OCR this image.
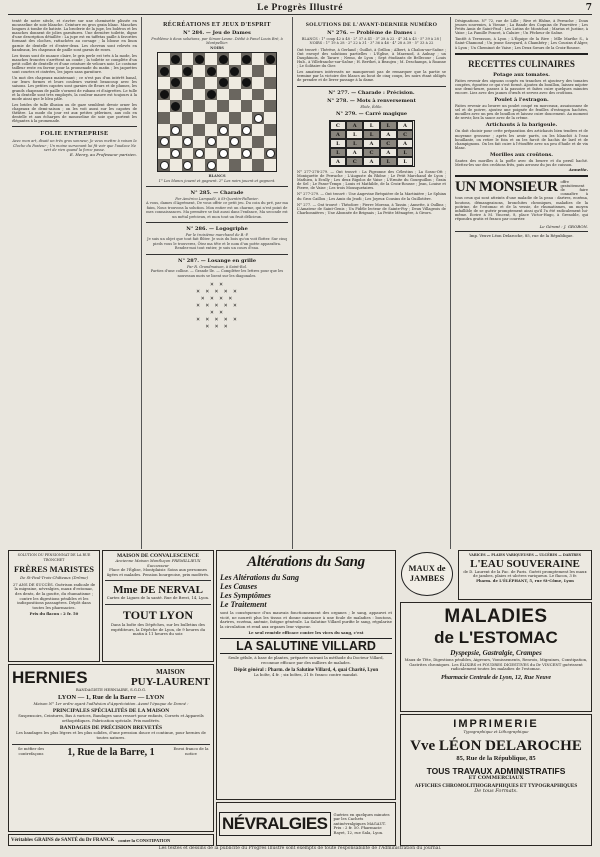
Le Progrès Illustré	7

tenté de notre siècle, et s'avère sur une chemisette plissée en mousseline de soie blanche. Ceinture en gros grain blanc. Manches longues à tombe de batiste. La broderie de la jupe, les boléros et les manches donnent de jolies garnitures. Une dernière toilette, digne d'une description détaillée : La jupe est en taffetas paille à favorites formant des cloches, rattachées au corsage ; la blouse en linon garnie de dentelle et d'entre-deux. Les cheveux sont relevés en bandeaux, les chapeaux de paille sont garnis de roses.

Les tissus sont de nuance claire, le gris perle est très à la mode, les manches froncées s'arrêtent au coude ; la toilette se complète d'un petit collet de dentelle et d'une ceinture de velours noir. Le costume tailleur reste en faveur pour la promenade du matin ; les jaquettes sont courtes et cintrées, les jupes sans garniture.

Un mot des chapeaux maintenant ; ce n'est pas d'un intérêt banal, car leurs formes et leurs couleurs varient beaucoup avec les saisons. Les petites capotes sont garnies de fleurs et de plumes, les grands chapeaux de paille s'ornent de rubans et d'aigrettes. Le tulle et la dentelle sont très employés, la couleur mauve est toujours à la mode ainsi que le bleu pâle.

Les brides de tulle illusion ou de gaze semblent devoir orner les chapeaux de demi-saison ; on les voit aussi sur les capotes de théâtre. La mode du jour est aux petites pèlerines, aux cols en dentelle et aux écharpes de mousseline de soie que portent les élégantes à la promenade.

FOLIE ENTREPRISE

Avec mon art, disait un très gros sonneur, Je veux mettre à raison la Cloche du Pasteur ; Un moine survenant lui fit voir que l'audace Ne sert de rien quand la force passe.

E. Henry, au Professeur parisien.

RÉCRÉATIONS ET JEUX D'ESPRIT
N° 284. — Jeu de Dames

Problème à deux solutions, par Simon-Lesne. Dédié à Panel Louis Bré, à Montpellier.

NOIRS
BLANCS

1° Les blancs jouent et gagnent. 2° Les noirs jouent et gagnent.

N° 285. — Charade

Par Américo Lampadé, à St-Quentin-Fallavier.

A vous, dames d'Agrément, De vous offrir ce petit jeu. Du coin du pré, par ma faim, Nous trouvons la solution. Mon entier est un charme, qui n'est point de mes connaissances. Ma première se fait aussi dans l'enfance, Ma seconde est un métal précieux, et mon tout un fruit délicieux.

N° 286. — Logogriphe

Par le troisième marchand de B.-P.

Je suis un objet que tout fait flûter. Je suis du bois qu'on voit flotter. Sur cinq pieds vous le trouverez, Ôtez ma tête et le nom d'un poète apparaîtra. Rendez-moi tout entier, je suis un cours d'eau.

N° 287. — Losange en grille

Par R. Grandmaison, à Saint-Rol.

Parties d'une colline. — Grande île. — Compléter les lettres pour que les nouveaux mots se lisent sur les diagonales.

× ×
× × × × ×
× × × ×
× × × × ×
× ×
× × × × ×
× × ×
SOLUTIONS DE L'AVANT-DERNIER NUMÉRO
N° 276. — Problème de Dames :

BLANCS : 1° coup 42 à 48 · 2° 37 à 41 · 3° 28 à 22 · 4° 34 à 43 · 5° 39 à 28 | NOIRS : 1° 19 à 28 · 2° 22 à 31 · 3° 36 à 46 · 4° 28 à 39 · 5° 33 à 22

Ont trouvé : Thérèse, à Gerland ; Guillot, à Grillon ; Albert, à Chalon-sur-Saône ; Ont envoyé des solutions partielles : L'Église, à Mazenod, à Aulnay ; un Dauphinois, de Tarare ; Nemo, de Lyon ; Sept étudiants de Bellecour ; Louis Hub., à Villefranche-sur-Saône ; H. Berthet, à Beaujeu ; M. Deschamps, à Roanne ; Le Solitaire du Gier.

Les amateurs intéressés ne manqueront pas de remarquer que la partie se termine par la victoire des blancs au bout de cinq coups, les noirs étant obligés de prendre et de livrer passage à la dame.

N° 277. — Charade : Précision.
N° 278. — Mots à renversement

Elide, Édile.

N° 279. — Carré magique
C	A	L	L	A
A	L	L	A	C
L	L	A	C	A
L	A	C	A	L
A	C	A	L	L

N° 277-278-279. — Ont trouvé : La Pigeonne des Célestins ; La Sosso-Ott ; Moniquette de Perrache ; L'Auguste du Rhône ; Le Petit Marchand de Lyon ; Mathieu, à Ecully ; Les deux Rigolos de Vaise ; L'Ermite du Gourguillon ; Grain de Sel ; Le Passe-Temps ; Louis et Mathilde, de la Croix-Rousse ; Jean, Louise et Pierre, de Vaise ; Les trois Mousquetaires.

N° 277-279. — Ont trouvé : Une Angevine Bréquière de la Martinière ; Le Sphinx du Gros Caillou ; Les Amis du Jeudi ; Les Joyeux Cousins de la Guillotière.

N° 277. — Ont trouvé : Théodore ; Pierre Moreau, à Tassin ; Annette, à Oullins ; L'Amateur de Saint-Genis ; Un Fidèle lecteur de Sainte-Foy ; Deux Villageois de Charbonnières ; Une Abonnée de Brignais ; La Petite Ménagère, à Givors.

Désignations. N° 72, rue de Lille ; Rive et Rhône, à Perrache ; Doux jeunes souvenirs, à Vienne ; La Bande des Coquins de Fourvière ; Les Petits Amis de Saint-Paul ; Les Lutins de Montchat ; Marius et Justine, à Vaise ; La Famille Poncet, à Caluire ; Un Pêcheur de Saône.

Tantôt à Terrasson, à Lyon ; L'Équipe de la Rive ; Mlle Marthe S., à Saint-Chamond ; Un jeune Savoyard, à Chambéry ; Les Cousins d'Alger, à Lyon ; Un Cheminot de Vaise ; Les Deux Sœurs de la Croix-Rousse.

RECETTES CULINAIRES
Potage aux tomates.

Faites revenir des oignons coupés en tranches et ajoutez-y des tomates coupées, égouttez ce qui s'est formé. Ajoutez du bouillon, laissez mijoter une demi-heure, passez à la passoire et faites cuire quelques minutes encore. Liez avec des jaunes d'œufs et servez avec des croûtons.

Poulet à l'estragon.

Faites revenir au beurre un poulet coupé en morceaux, assaisonnez de sel et de poivre, ajoutez une poignée de feuilles d'estragon hachées, mouillez avec un peu de bouillon et laissez cuire doucement. Au moment de servir, liez la sauce avec de la crème.

Artichauts à la barigoule.

On doit choisir pour cette préparation des artichauts bien tendres et de moyenne grosseur ; après les avoir parés, on les blanchit à l'eau bouillante, on retire le foin et on les farcit de hachis de lard et de champignons. On les fait cuire à l'étouffée avec un peu d'huile et de vin blanc.

Morilles aux croûtons.

Sautez des morilles à la poêle avec du beurre et du persil haché. Mettez-les sur des croûtons frits, puis arrosez du jus de cuisson.

Annette.

UN MONSIEUR offre gratuitement de faire connaître à tous ceux qui sont atteints d'une maladie de la peau : dartres, eczéma, boutons, démangeaisons, bronchites chroniques, maladies de la poitrine, de l'estomac et de la vessie, de rhumatismes, un moyen infaillible de se guérir promptement ainsi qu'il l'a été radicalement lui-même. Écrire à M. Vincent, 8, place Victor-Hugo, à Grenoble, qui répondra gratis et franco par courrier.

Le Gérant : J. GROBON.

Imp. Veuve Léon Delaroche, 85, rue de la République.

SOLUTION DU PENSIONNAT DE LA RUE TRONCHET
FRÈRES MARISTES
De St-Paul-Trois-Châteaux (Drôme)
27 ANS DE SUCCÈS. Guérison radicale de la migraine, névralgies, maux d'estomac, des dents, de la goutte, du rhumatisme ; contre les digestions pénibles et les indispositions passagères. Dépôt dans toutes les pharmacies.
Prix du flacon : 2 fr. 50
MAISON DE CONVALESCENCE
Ancienne Maison Montluçon PREMILLIEUX Successeur
Place de l'Église, Montplaisir. Soins aux personnes âgées et malades. Pension bourgeoise, prix modérés.
Mme DE NERVAL
Cartes de Ligues de la santé. Rue de Brest, 14, Lyon.
TOUT LYON
Dans la boîte des Dépêches, sur les bulletins des expéditeurs, la Dépêche de Lyon, de 9 heures du matin à 11 heures du soir.
HERNIES	MAISON
PUY-LAURENT
BANDAGISTE HERNIAIRE, S.G.D.G.
LYON — 1, Rue de la Barre — LYON
Maison N° 1er ordre ayant l'adhésion d'Appréciation. Avant l'époque de Donné :
PRINCIPALES SPÉCIALITÉS DE LA MAISON
Suspensoirs, Ceintures, Bas à varices, Bandages sans ressort pour enfants, Corsets et Appareils orthopédiques. Fabrication spéciale. Prix modérés.
BANDAGES DE PRÉCISION BREVETÉS
Les bandages les plus légers et les plus solides, d'une pression douce et continue, pour hernies de toutes natures.
Se méfier des contrefaçons	1, Rue de la Barre, 1	Envoi franco de la notice
Véritables GRAINS de SANTÉ du Dr FRANCK contre la CONSTIPATION
Altérations du Sang
Les Altérations du Sang
Les Causes
Les Symptômes
Le Traitement
sont la conséquence d'un mauvais fonctionnement des organes ; le sang, appauvri et vicié, ne nourrit plus les tissus et donne naissance à une foule de maladies : boutons, dartres, eczéma, anémie, fatigue générale. La Salutine Villard purifie le sang, régularise la circulation et rend aux organes leur vigueur.
Le seul remède efficace contre les vices du sang, c'est
LA SALUTINE VILLARD
Seule gélule, à base de plantes, préparée suivant la méthode du Docteur Villard, reconnue efficace par des milliers de malades.
Dépôt général : Pharm. de la Salutine Villard, 4, quai Charité, Lyon
La boîte, 4 fr. ; six boîtes, 21 fr. franco contre mandat.
NÉVRALGIES	Guéries en quelques minutes par les Cachets antinévralgiques MAGAUT. Prix : 2 fr. 50. Pharmacie Rayet, 12, rue Sala, Lyon.
MAUX de JAMBES
VARICES — PLAIES VARIQUEUSES — ULCÈRES — DARTRES
L'EAU SOUVERAINE
de D. Laurent de la Fac. de Paris. Guérit promptement les maux de jambes, plaies et ulcères variqueux. Le flacon, 3 fr.
Pharm. de L'ÉLÉPHANT, 5, rue St-Côme, Lyon
MALADIES
de L'ESTOMAC
Dyspepsie, Gastralgie, Crampes
Maux de Tête, Digestions pénibles, Aigreurs, Vomissements, Renvois, Migraines, Constipation, Gastrites chroniques. Les ÉLIXIRS et POUDRES DIGESTIVES du Dr VINCENT guérissent radicalement toutes les maladies de l'estomac.
Pharmacie Centrale de Lyon, 12, Rue Neuve
IMPRIMERIE
Typographique et Lithographique
Vve LÉON DELAROCHE
85, Rue de la République, 85
TOUS TRAVAUX ADMINISTRATIFS
ET COMMERCIAUX
AFFICHES CHROMOLITHOGRAPHIQUES ET TYPOGRAPHIQUES
De tous Formats.
Les textes et dessins de la publicité du Progrès Illustré sont exempts de toute responsabilité de l'Administration du journal.
